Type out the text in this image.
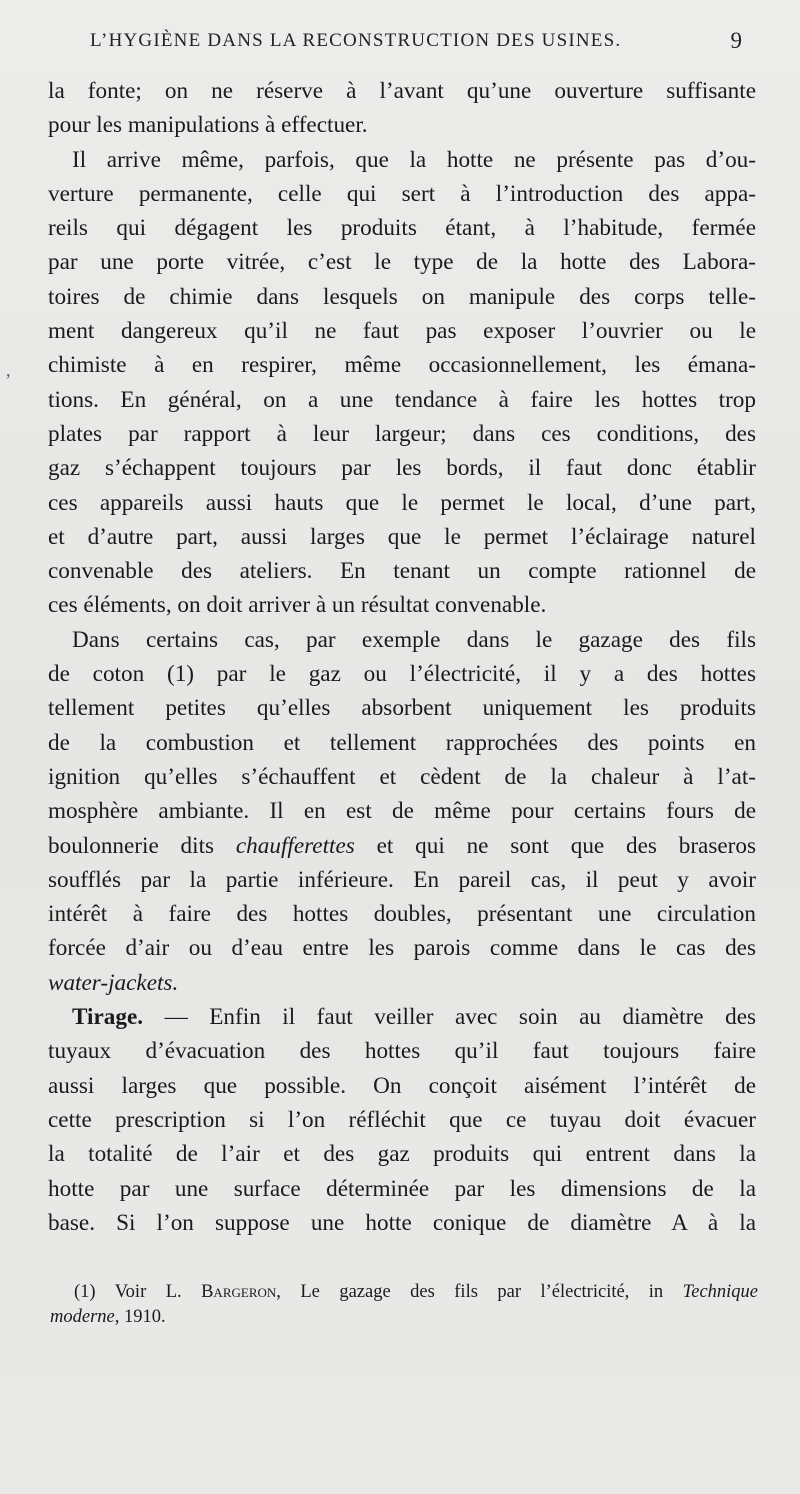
L’HYGIÈNE DANS LA RECONSTRUCTION DES USINES.	9
la fonte; on ne réserve à l’avant qu’une ouverture suffisante
pour les manipulations à effectuer.
Il arrive même, parfois, que la hotte ne présente pas d’ou-
verture permanente, celle qui sert à l’introduction des appa-
reils qui dégagent les produits étant, à l’habitude, fermée
par une porte vitrée, c’est le type de la hotte des Labora-
toires de chimie dans lesquels on manipule des corps telle-
ment dangereux qu’il ne faut pas exposer l’ouvrier ou le
chimiste à en respirer, même occasionnellement, les émana-
tions. En général, on a une tendance à faire les hottes trop
plates par rapport à leur largeur; dans ces conditions, des
gaz s’échappent toujours par les bords, il faut donc établir
ces appareils aussi hauts que le permet le local, d’une part,
et d’autre part, aussi larges que le permet l’éclairage naturel
convenable des ateliers. En tenant un compte rationnel de
ces éléments, on doit arriver à un résultat convenable.
Dans certains cas, par exemple dans le gazage des fils
de coton (1) par le gaz ou l’électricité, il y a des hottes
tellement petites qu’elles absorbent uniquement les produits
de la combustion et tellement rapprochées des points en
ignition qu’elles s’échauffent et cèdent de la chaleur à l’at-
mosphère ambiante. Il en est de même pour certains fours de
boulonnerie dits chaufferettes et qui ne sont que des braseros
soufflés par la partie inférieure. En pareil cas, il peut y avoir
intérêt à faire des hottes doubles, présentant une circulation
forcée d’air ou d’eau entre les parois comme dans le cas des
water-jackets.
Tirage. — Enfin il faut veiller avec soin au diamètre des
tuyaux d’évacuation des hottes qu’il faut toujours faire
aussi larges que possible. On conçoit aisément l’intérêt de
cette prescription si l’on réfléchit que ce tuyau doit évacuer
la totalité de l’air et des gaz produits qui entrent dans la
hotte par une surface déterminée par les dimensions de la
base. Si l’on suppose une hotte conique de diamètre A à la
(1) Voir L. Bargeron, Le gazage des fils par l’électricité, in Technique
moderne, 1910.
,
